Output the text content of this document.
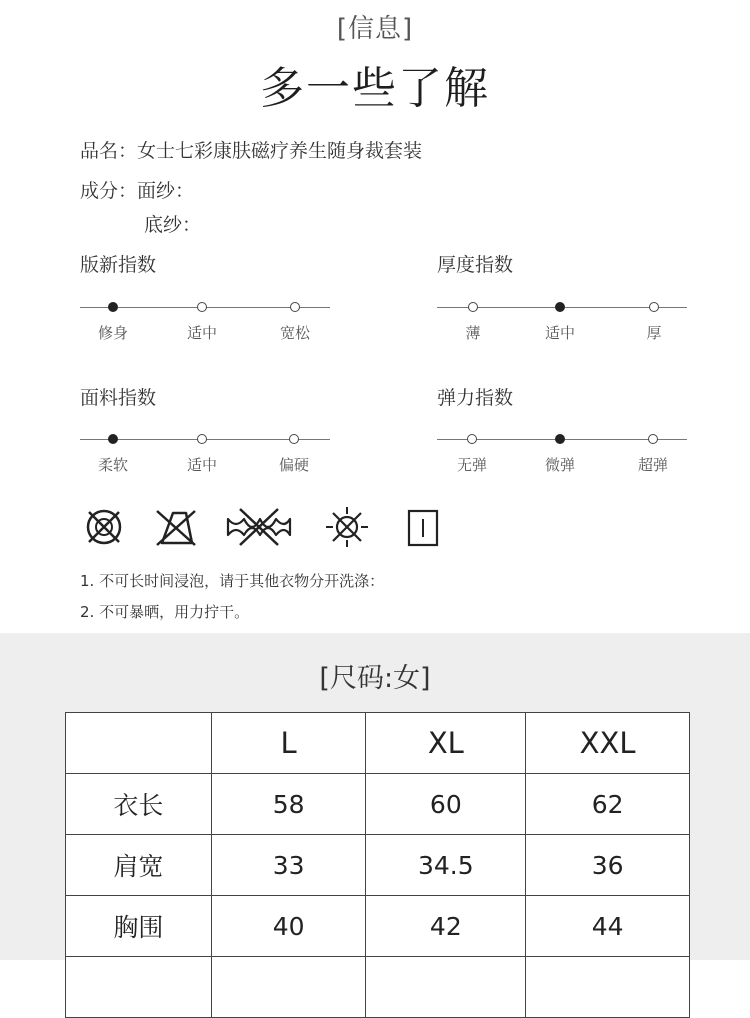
[信息]
多一些了解
品名：女士七彩康肤磁疗养生随身裁套装
成分：面纱：
底纱：
版新指数
修身	适中	宽松
厚度指数
薄	适中	厚
面料指数
柔软	适中	偏硬
弹力指数
无弹	微弹	超弹
1. 不可长时间浸泡，请于其他衣物分开洗涤：
2. 不可暴晒，用力拧干。
[尺码:女]
	L	XL	XXL
衣长	58	60	62
肩宽	33	34.5	36
胸围	40	42	44
